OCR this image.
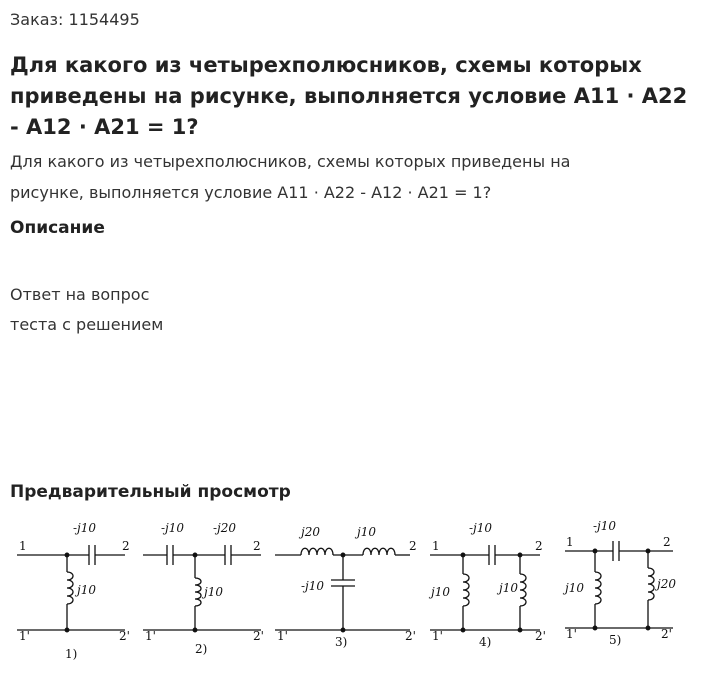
Заказ: 1154495
Для какого из четырехполюсников, схемы которых приведены на рисунке, выполняется условие A11 · A22 - A12 · A21 = 1?

Для какого из четырехполюсников, схемы которых приведены на
рисунке, выполняется условие A11 · A22 - A12 · A21 = 1?

Описание
Ответ на вопрос
теста с решением
Предварительный просмотр
1	2
1'	2'
-j10
j10
1)
1'	2'
2
-j10 -j20
j10
2)
1'	2'
2
j20	j10
-j10
3)
1	2
1'	2'
-j10
j10	j10
4)
1	2
1'	2'
-j10
j10	j20
5)
